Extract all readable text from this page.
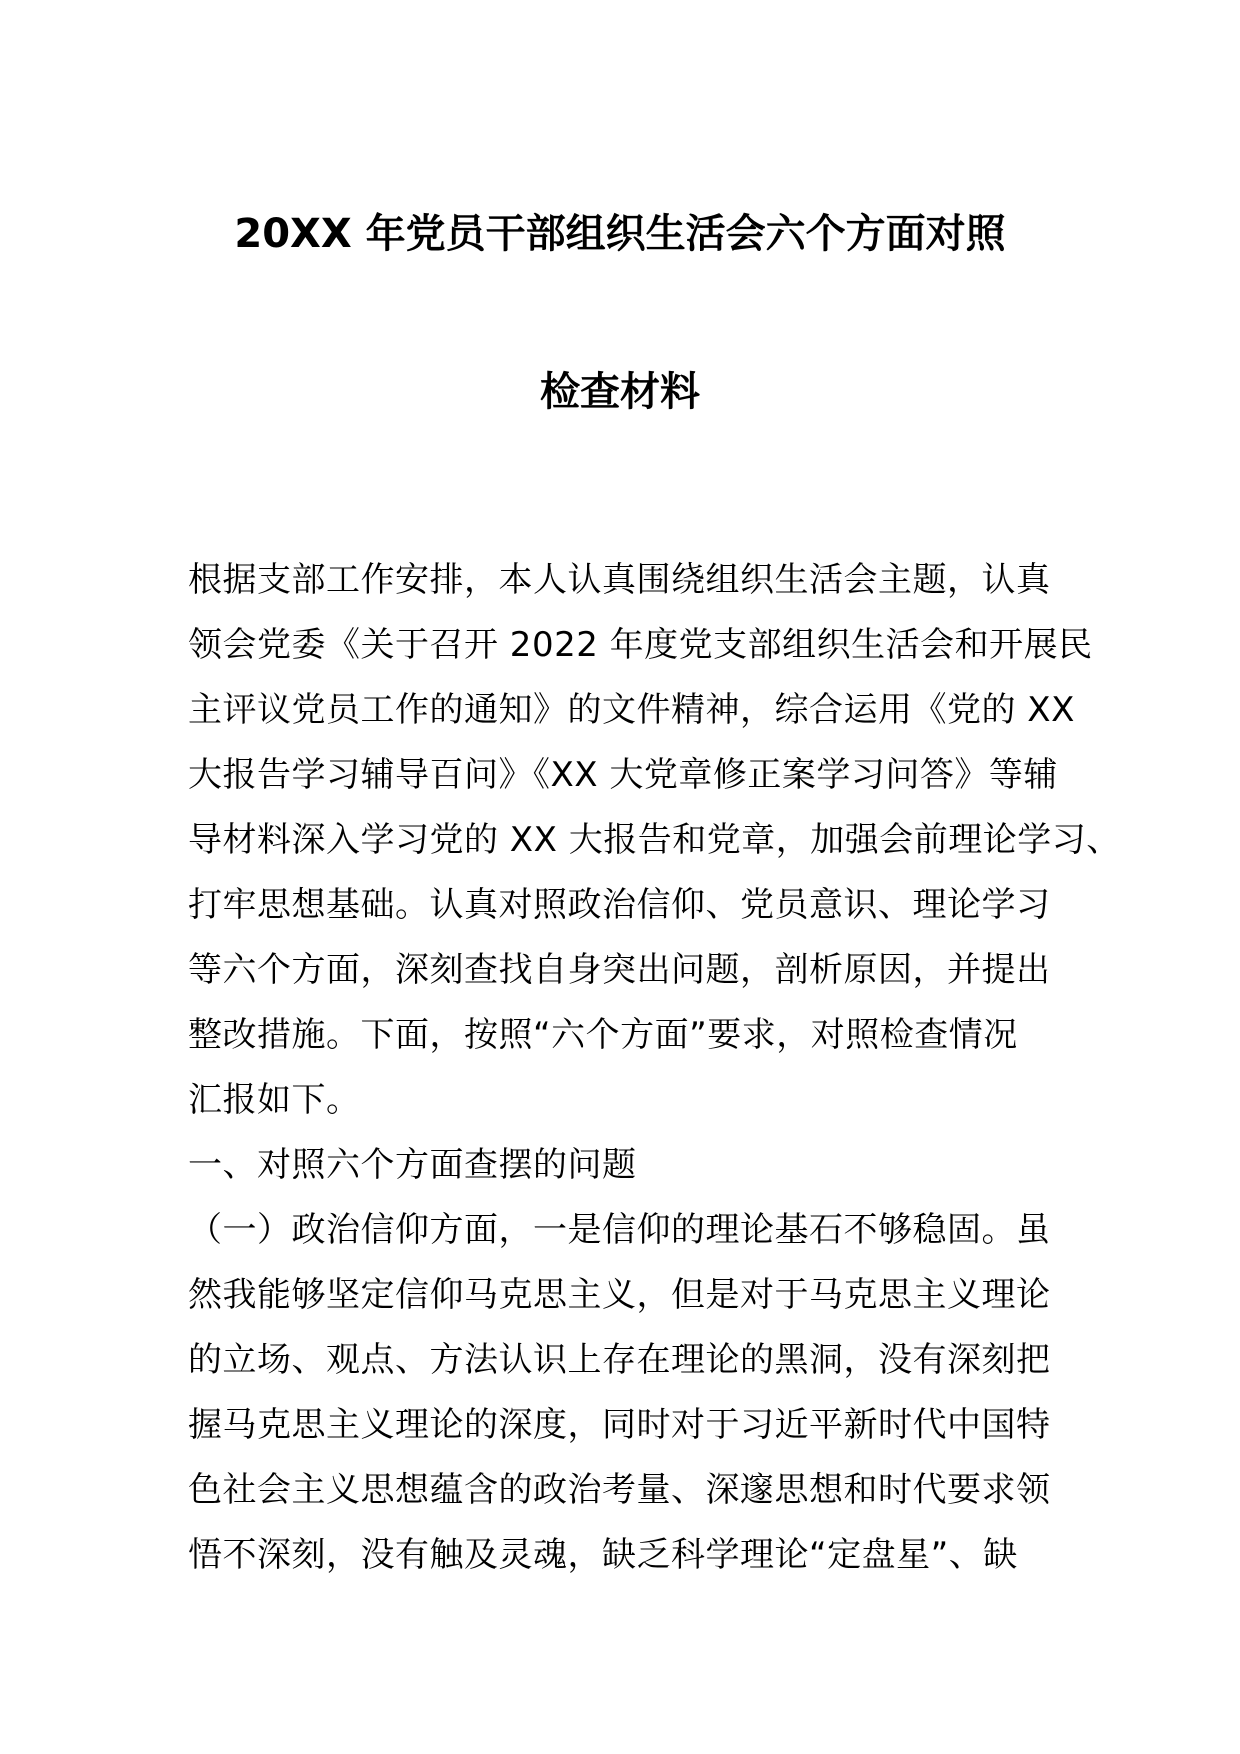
20XX 年党员干部组织生活会六个方面对照
检查材料
根据支部工作安排，本人认真围绕组织生活会主题，认真
领会党委《关于召开 2022 年度党支部组织生活会和开展民
主评议党员工作的通知》的文件精神，综合运用《党的 XX
大报告学习辅导百问》《XX 大党章修正案学习问答》等辅
导材料深入学习党的 XX 大报告和党章，加强会前理论学习、
打牢思想基础。认真对照政治信仰、党员意识、理论学习
等六个方面，深刻查找自身突出问题，剖析原因，并提出
整改措施。下面，按照“六个方面”要求，对照检查情况
汇报如下。
一、对照六个方面查摆的问题
（一）政治信仰方面，一是信仰的理论基石不够稳固。虽
然我能够坚定信仰马克思主义，但是对于马克思主义理论
的立场、观点、方法认识上存在理论的黑洞，没有深刻把
握马克思主义理论的深度，同时对于习近平新时代中国特
色社会主义思想蕴含的政治考量、深邃思想和时代要求领
悟不深刻，没有触及灵魂，缺乏科学理论“定盘星”、缺
